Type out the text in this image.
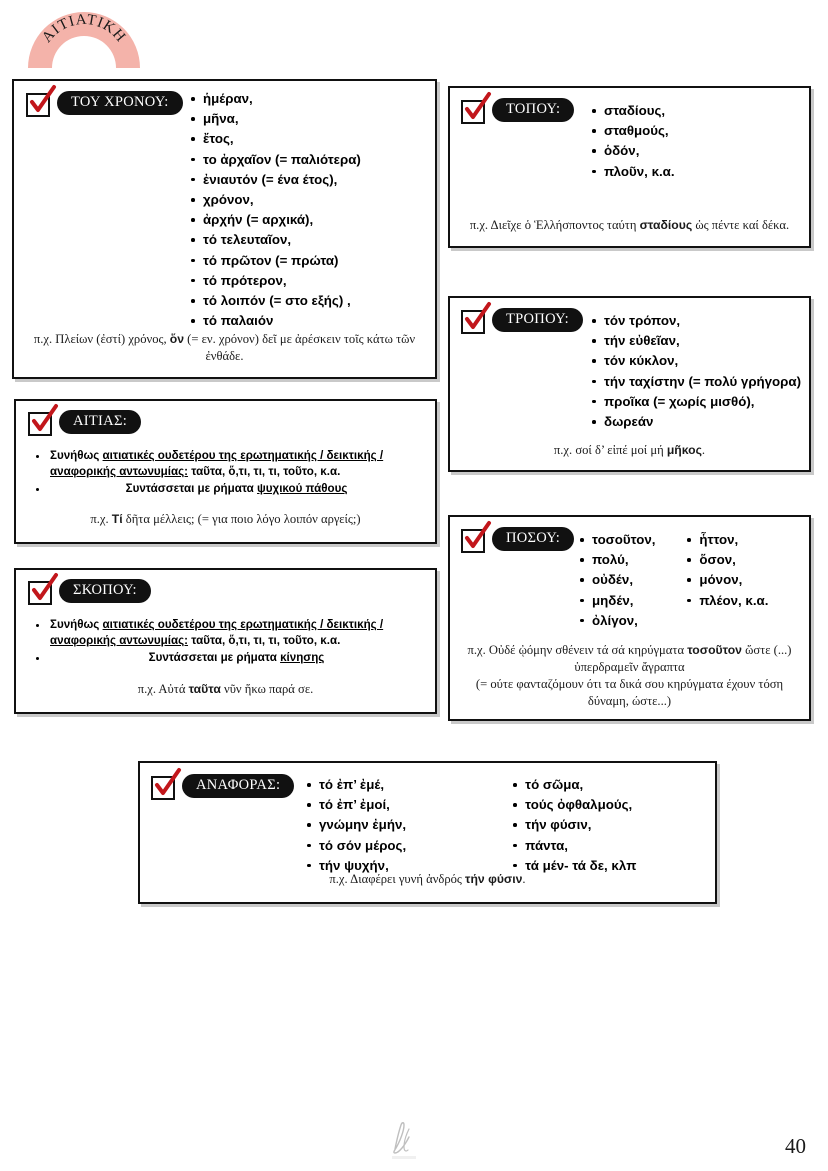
ΑΙΤΙΑΤΙΚΗ
ΤΟΥ ΧΡΟΝΟΥ:	ἡμέραν,
μῆνα,
ἔτος,
το ἀρχαῖον (= παλιότερα)
ἐνιαυτόν (= ένα έτος),
χρόνον,
ἀρχήν (= αρχικά),
τό τελευταῖον,
τό πρῶτον (= πρώτα)
τό πρότερον,
τό λοιπόν (= στο εξής) ,
τό παλαιόν
π.χ. Πλείων (ἐστί) χρόνος, ὅν (= εν. χρόνον) δεῖ με ἀρέσκειν τοῖς κάτω τῶν ἐνθάδε.
ΑΙΤΙΑΣ:
Συνήθως αιτιατικές ουδετέρου της ερωτηματικής / δεικτικής / αναφορικής αντωνυμίας: ταῦτα, ὅ,τι, τι, τι, τοῦτο, κ.α.
Συντάσσεται με ρήματα ψυχικού πάθους
π.χ. Τί δῆτα μέλλεις; (= για ποιο λόγο λοιπόν αργείς;)
ΣΚΟΠΟΥ:
Συνήθως αιτιατικές ουδετέρου της ερωτηματικής / δεικτικής / αναφορικής αντωνυμίας: ταῦτα, ὅ,τι, τι, τι, τοῦτο, κ.α.
Συντάσσεται με ρήματα κίνησης
π.χ. Αὐτά ταῦτα νῦν ἥκω παρά σε.
ΤΟΠΟΥ:	σταδίους,
σταθμούς,
ὁδόν,
πλοῦν, κ.α.
π.χ. Διεῖχε ὁ Ἑλλήσποντος ταύτη σταδίους ὡς πέντε καί δέκα.
ΤΡΟΠΟΥ:	τόν τρόπον,
τήν εὐθεῖαν,
τόν κύκλον,
τήν ταχίστην (= πολύ γρήγορα)
προῖκα (= χωρίς μισθό),
δωρεάν
π.χ. σοί δ’ εἰπέ μοί μή μῆκος.
ΠΟΣΟΥ:	τοσοῦτον,
πολύ,
οὐδέν,
μηδέν,
ὀλίγον,
ἧττον,
ὅσον,
μόνον,
πλέον, κ.α.
π.χ. Οὐδέ ᾠόμην σθένειν τά σά κηρύγματα τοσοῦτον ὥστε (...) ὑπερδραμεῖν ἄγραπτα
(= ούτε φανταζόμουν ότι τα δικά σου κηρύγματα έχουν τόση δύναμη, ώστε...)
ΑΝΑΦΟΡΑΣ:	τό ἐπ’ ἐμέ,
τό ἐπ’ ἐμοί,
γνώμην ἐμήν,
τό σόν μέρος,
τήν ψυχήν,
τό σῶμα,
τούς ὀφθαλμούς,
τήν φύσιν,
πάντα,
τά μέν- τά δε, κλπ
π.χ. Διαφέρει γυνή ἀνδρός τήν φύσιν.
40
